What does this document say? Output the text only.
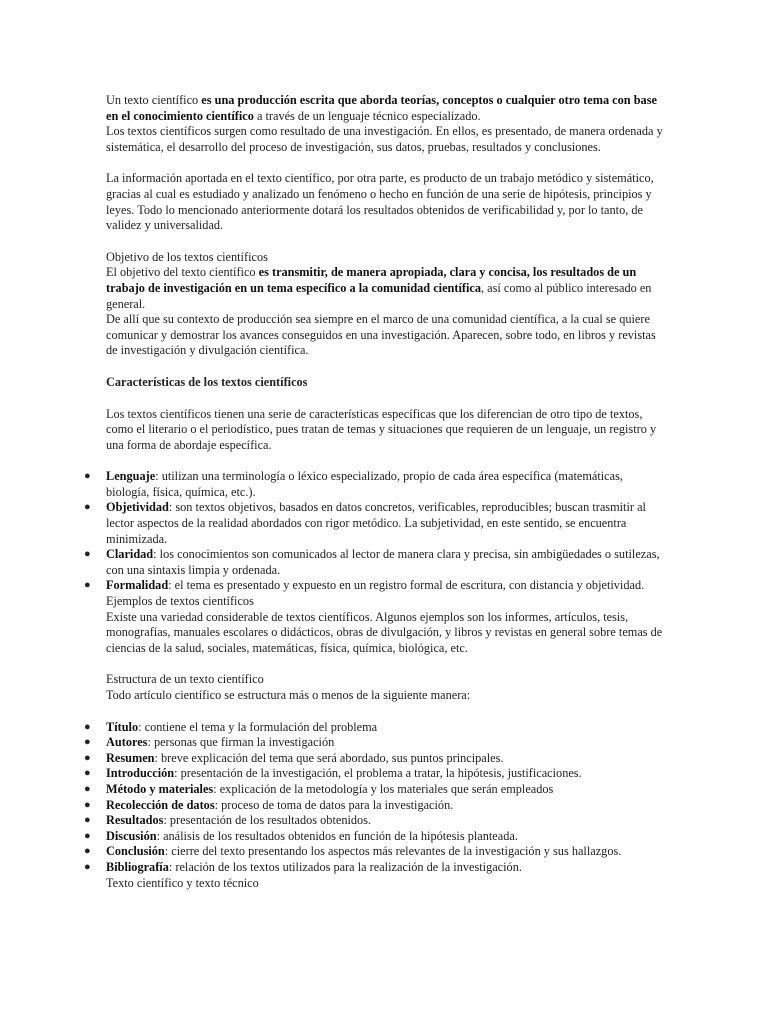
Un texto científico es una producción escrita que aborda teorías, conceptos o cualquier otro tema con base en el conocimiento científico a través de un lenguaje técnico especializado.

Los textos científicos surgen como resultado de una investigación. En ellos, es presentado, de manera ordenada y sistemática, el desarrollo del proceso de investigación, sus datos, pruebas, resultados y conclusiones.

La información aportada en el texto científico, por otra parte, es producto de un trabajo metódico y sistemático, gracias al cual es estudiado y analizado un fenómeno o hecho en función de una serie de hipótesis, principios y leyes. Todo lo mencionado anteriormente dotará los resultados obtenidos de verificabilidad y, por lo tanto, de validez y universalidad.

Objetivo de los textos científicos

El objetivo del texto científico es transmitir, de manera apropiada, clara y concisa, los resultados de un trabajo de investigación en un tema específico a la comunidad científica, así como al público interesado en general.

De allí que su contexto de producción sea siempre en el marco de una comunidad científica, a la cual se quiere comunicar y demostrar los avances conseguidos en una investigación. Aparecen, sobre todo, en libros y revistas de investigación y divulgación científica.

Características de los textos científicos

Los textos científicos tienen una serie de características específicas que los diferencian de otro tipo de textos, como el literario o el periodístico, pues tratan de temas y situaciones que requieren de un lenguaje, un registro y una forma de abordaje específica.

● Lenguaje: utilizan una terminología o léxico especializado, propio de cada área específica (matemáticas, biología, física, química, etc.).
● Objetividad: son textos objetivos, basados en datos concretos, verificables, reproducibles; buscan trasmitir al lector aspectos de la realidad abordados con rigor metódico. La subjetividad, en este sentido, se encuentra minimizada.
● Claridad: los conocimientos son comunicados al lector de manera clara y precisa, sin ambigüedades o sutilezas, con una sintaxis limpia y ordenada.
● Formalidad: el tema es presentado y expuesto en un registro formal de escritura, con distancia y objetividad.

Ejemplos de textos científicos

Existe una variedad considerable de textos científicos. Algunos ejemplos son los informes, artículos, tesis, monografías, manuales escolares o didácticos, obras de divulgación, y libros y revistas en general sobre temas de ciencias de la salud, sociales, matemáticas, física, química, biológica, etc.

Estructura de un texto científico

Todo artículo científico se estructura más o menos de la siguiente manera:

● Título: contiene el tema y la formulación del problema
● Autores: personas que firman la investigación
● Resumen: breve explicación del tema que será abordado, sus puntos principales.
● Introducción: presentación de la investigación, el problema a tratar, la hipótesis, justificaciones.
● Método y materiales: explicación de la metodología y los materiales que serán empleados
● Recolección de datos: proceso de toma de datos para la investigación.
● Resultados: presentación de los resultados obtenidos.
● Discusión: análisis de los resultados obtenidos en función de la hipótesis planteada.
● Conclusión: cierre del texto presentando los aspectos más relevantes de la investigación y sus hallazgos.
● Bibliografía: relación de los textos utilizados para la realización de la investigación.

Texto científico y texto técnico
